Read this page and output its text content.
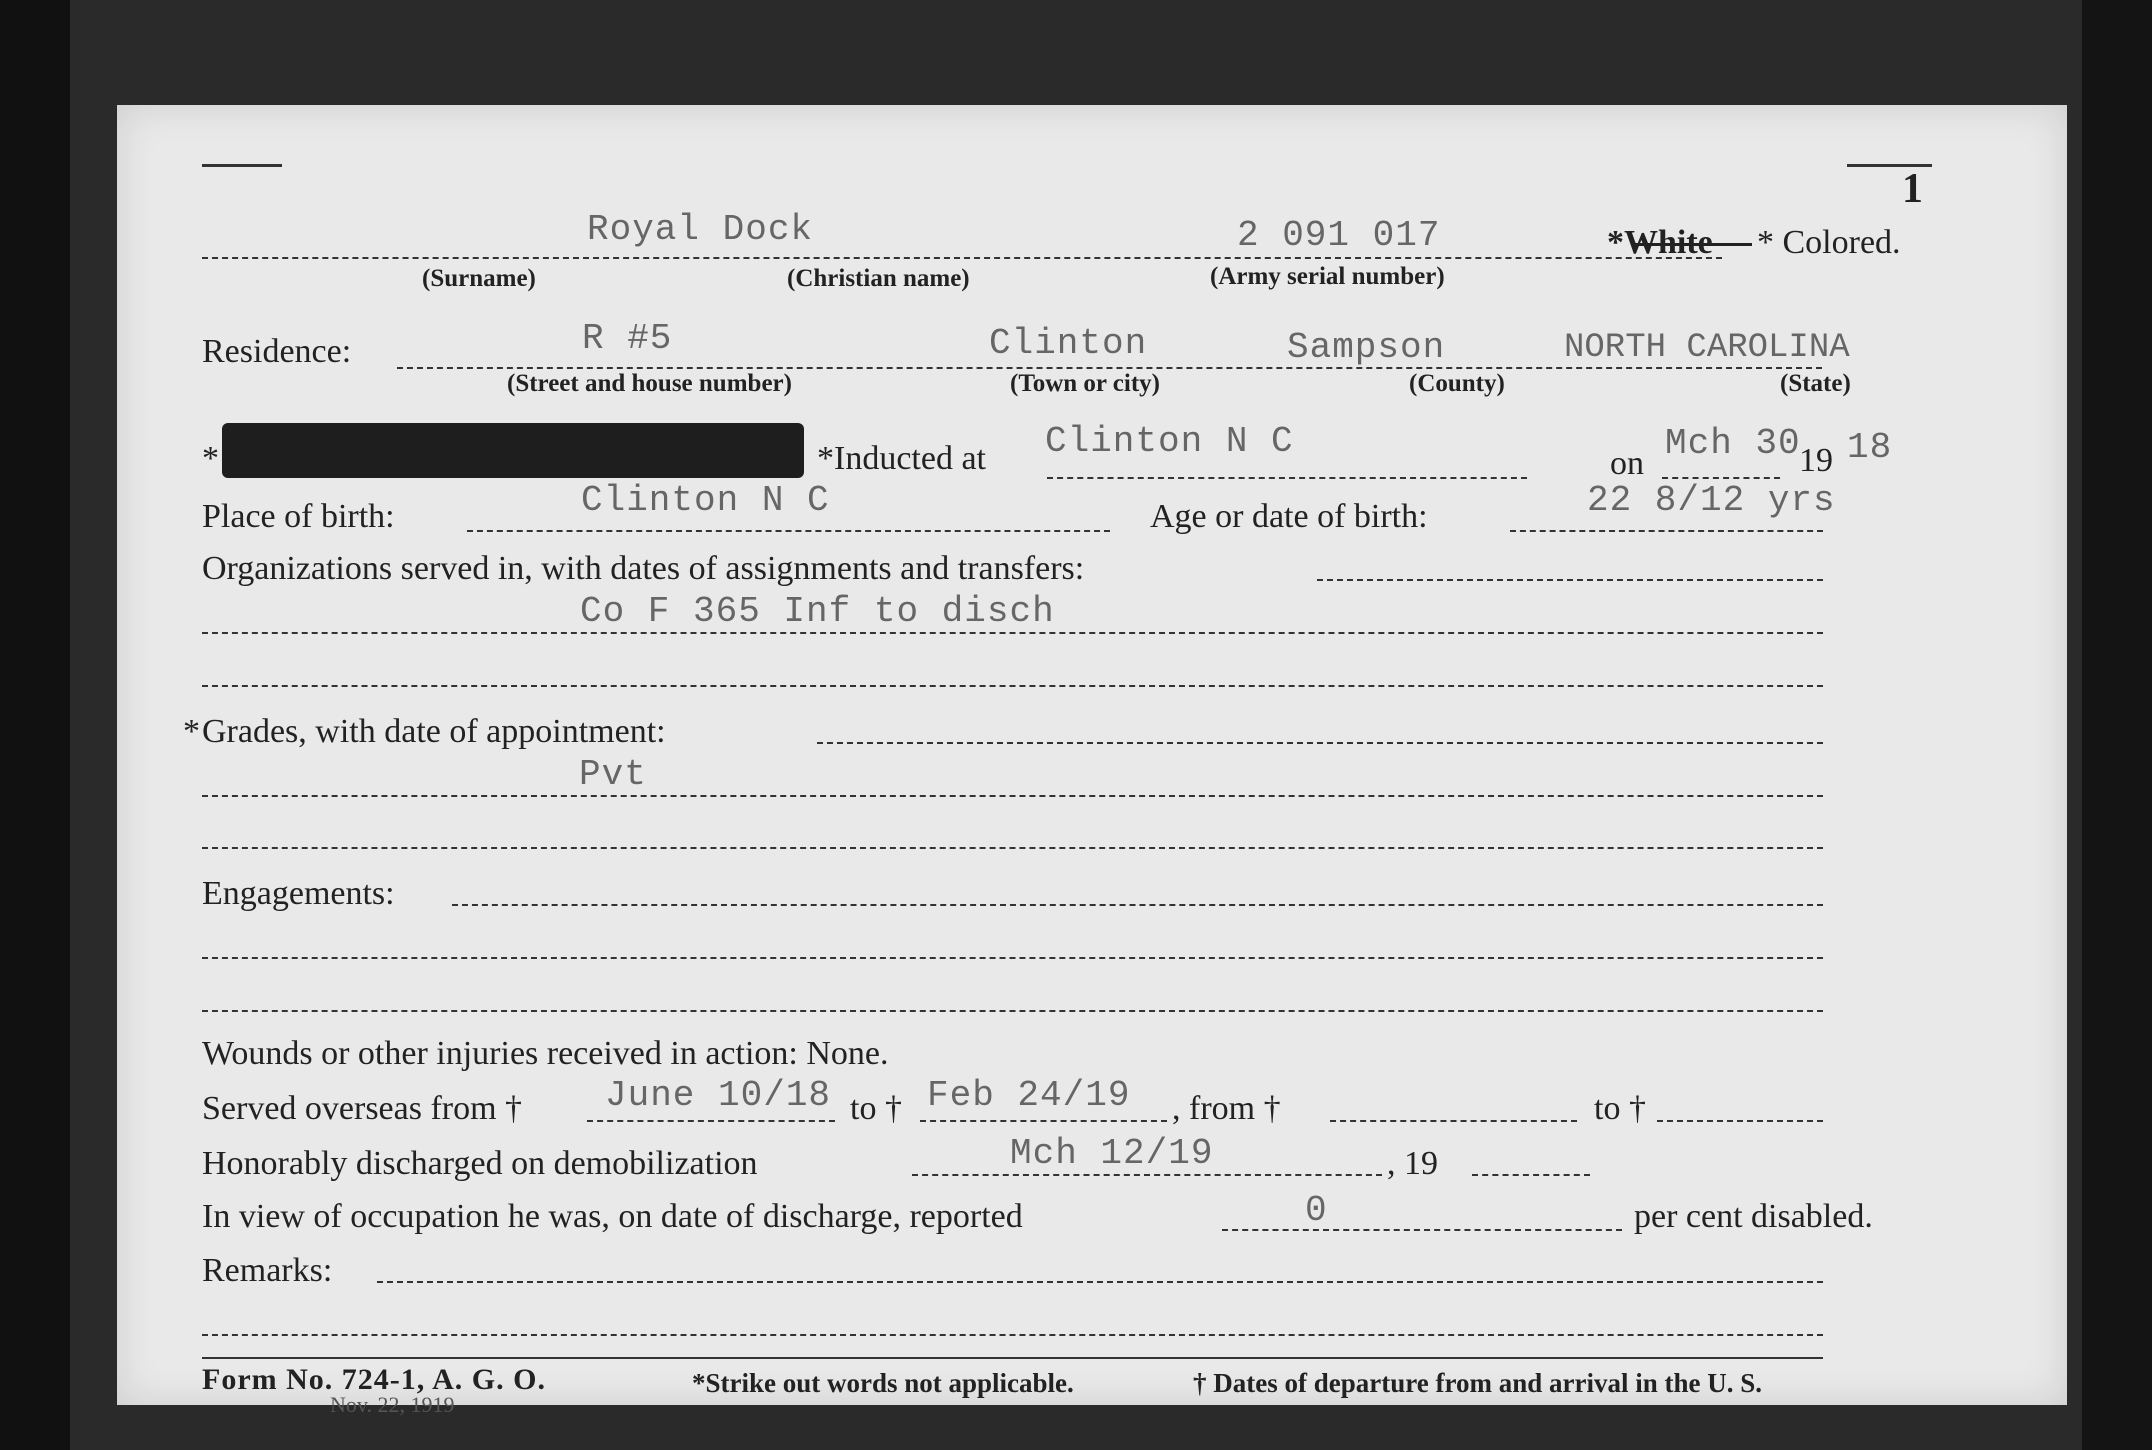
1
Royal Dock	2 091 017	*White * Colored.
(Surname)	(Christian name)	(Army serial number)
Residence:	R #5	Clinton	Sampson	NORTH CAROLINA
(Street and house number)	(Town or city)	(County)	(State)
*	*Inducted at Clinton N C
on Mch 30
19 18
Place of birth:	Clinton N C	Age or date of birth:	22 8/12 yrs
Organizations served in, with dates of assignments and transfers:
Co F 365 Inf to disch
* Grades, with date of appointment:
Pvt
Engagements:
Wounds or other injuries received in action: None.
Served overseas from † June 10/18 to † Feb 24/19 , from †	to †
Honorably discharged on demobilization	Mch 12/19	, 19
In view of occupation he was, on date of discharge, reported	0	per cent disabled.
Remarks:
Form No. 724-1, A. G. O.
Nov. 22, 1919
*Strike out words not applicable.	† Dates of departure from and arrival in the U. S.
